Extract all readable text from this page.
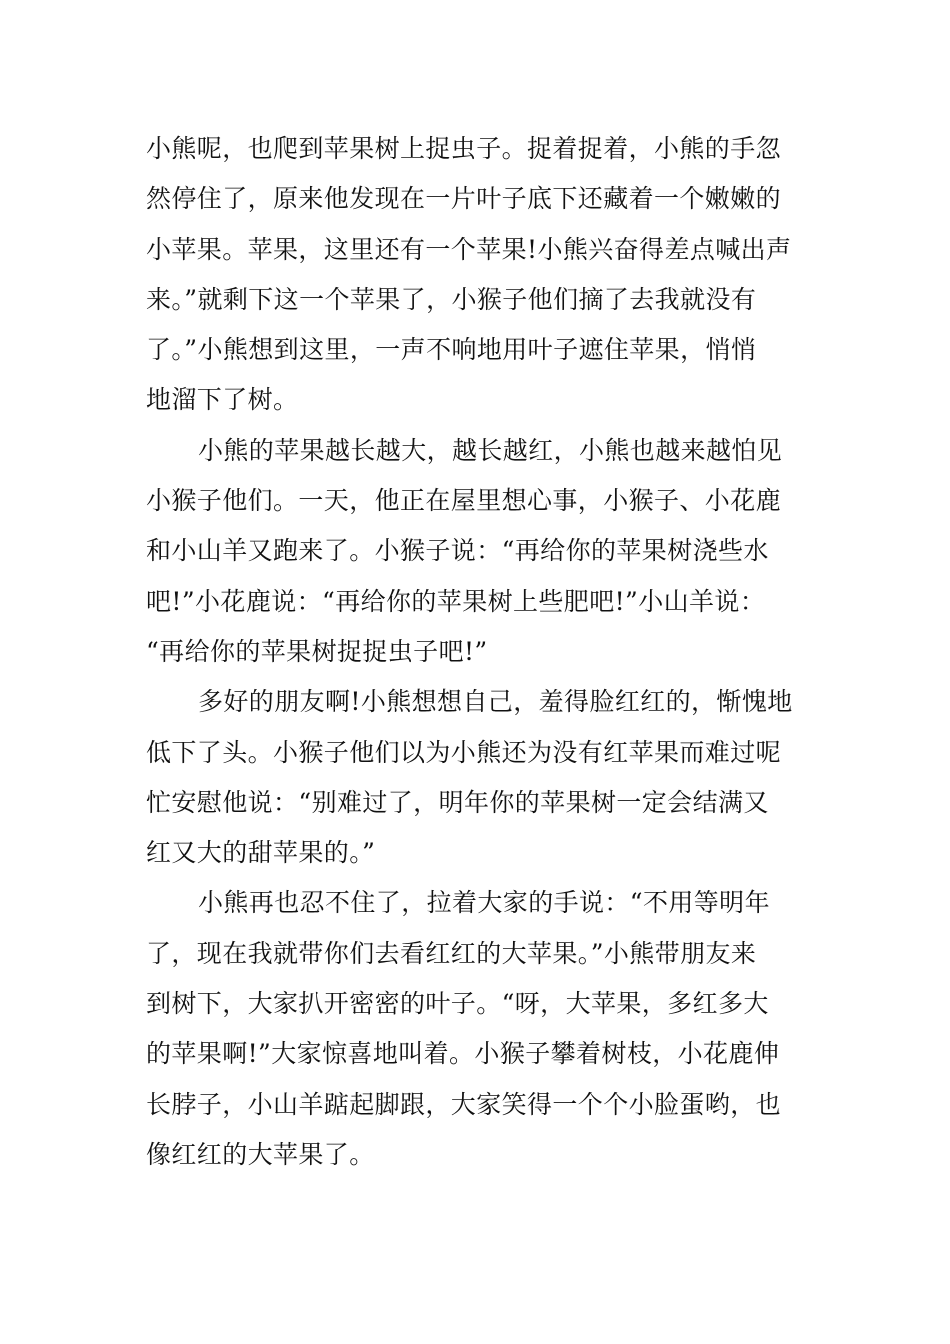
小熊呢，也爬到苹果树上捉虫子。捉着捉着，小熊的手忽
然停住了，原来他发现在一片叶子底下还藏着一个嫩嫩的
小苹果。苹果，这里还有一个苹果!小熊兴奋得差点喊出声
来。”就剩下这一个苹果了，小猴子他们摘了去我就没有
了。”小熊想到这里，一声不响地用叶子遮住苹果，悄悄
地溜下了树。
小熊的苹果越长越大，越长越红，小熊也越来越怕见
小猴子他们。一天，他正在屋里想心事，小猴子、小花鹿
和小山羊又跑来了。小猴子说：“再给你的苹果树浇些水
吧!”小花鹿说：“再给你的苹果树上些肥吧!”小山羊说：
“再给你的苹果树捉捉虫子吧!”
多好的朋友啊!小熊想想自己，羞得脸红红的，惭愧地
低下了头。小猴子他们以为小熊还为没有红苹果而难过呢
忙安慰他说：“别难过了，明年你的苹果树一定会结满又
红又大的甜苹果的。”
小熊再也忍不住了，拉着大家的手说：“不用等明年
了，现在我就带你们去看红红的大苹果。”小熊带朋友来
到树下，大家扒开密密的叶子。“呀，大苹果，多红多大
的苹果啊!”大家惊喜地叫着。小猴子攀着树枝，小花鹿伸
长脖子，小山羊踮起脚跟，大家笑得一个个小脸蛋哟，也
像红红的大苹果了。
